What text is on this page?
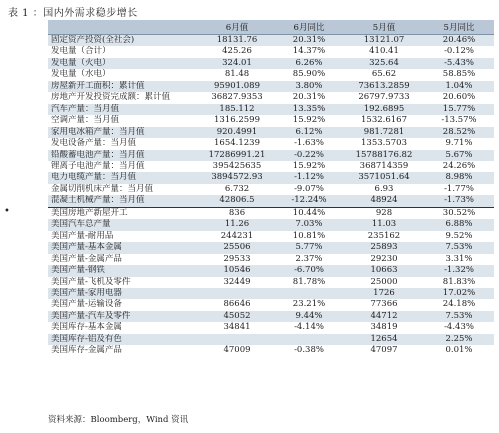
表 1 ：国内外需求稳步增长
•
	6月值	6月同比	5月值	5月同比
固定资产投资(全社会)	18131.76	20.31%	13121.07	20.46%
发电量（合计）	425.26	14.37%	410.41	-0.12%
发电量（火电）	324.01	6.26%	325.64	-5.43%
发电量（水电）	81.48	85.90%	65.62	58.85%
房屋新开工面积：累计值	95901.089	3.80%	73613.2859	1.04%
房地产开发投资完成额：累计值	36827.9353	20.31%	26797.9733	20.60%
汽车产量：当月值	185.112	13.35%	192.6895	15.77%
空调产量：当月值	1316.2599	15.92%	1532.6167	-13.57%
家用电冰箱产量：当月值	920.4991	6.12%	981.7281	28.52%
发电设备产量：当月值	1654.1239	-1.63%	1353.5703	9.71%
铅酸蓄电池产量：当月值	17286991.21	-0.22%	15788176.82	5.67%
锂离子电池产量：当月值	395425635	15.92%	368714359	24.26%
电力电缆产量：当月值	3894572.93	-1.12%	3571051.64	8.98%
金属切削机床产量：当月值	6.732	-9.07%	6.93	-1.77%
混凝土机械产量：当月值	42806.5	-12.24%	48924	-1.73%
美国房地产新屋开工	836	10.44%	928	30.52%
美国汽车总产量	11.26	7.03%	11.03	6.88%
美国产量-耐用品	244231	10.81%	235162	9.52%
美国产量-基本金属	25506	5.77%	25893	7.53%
美国产量-金属产品	29533	2.37%	29230	3.31%
美国产量-钢铁	10546	-6.70%	10663	-1.32%
美国产量-飞机及零件	32449	81.78%	25000	81.83%
美国产量-家用电器			1726	17.02%
美国产量-运输设备	86646	23.21%	77366	24.18%
美国产量-汽车及零件	45052	9.44%	44712	7.53%
美国库存-基本金属	34841	-4.14%	34819	-4.43%
美国库存-铝及有色			12654	2.25%
美国库存-金属产品	47009	-0.38%	47097	0.01%
资料来源：Bloomberg，Wind 资讯
